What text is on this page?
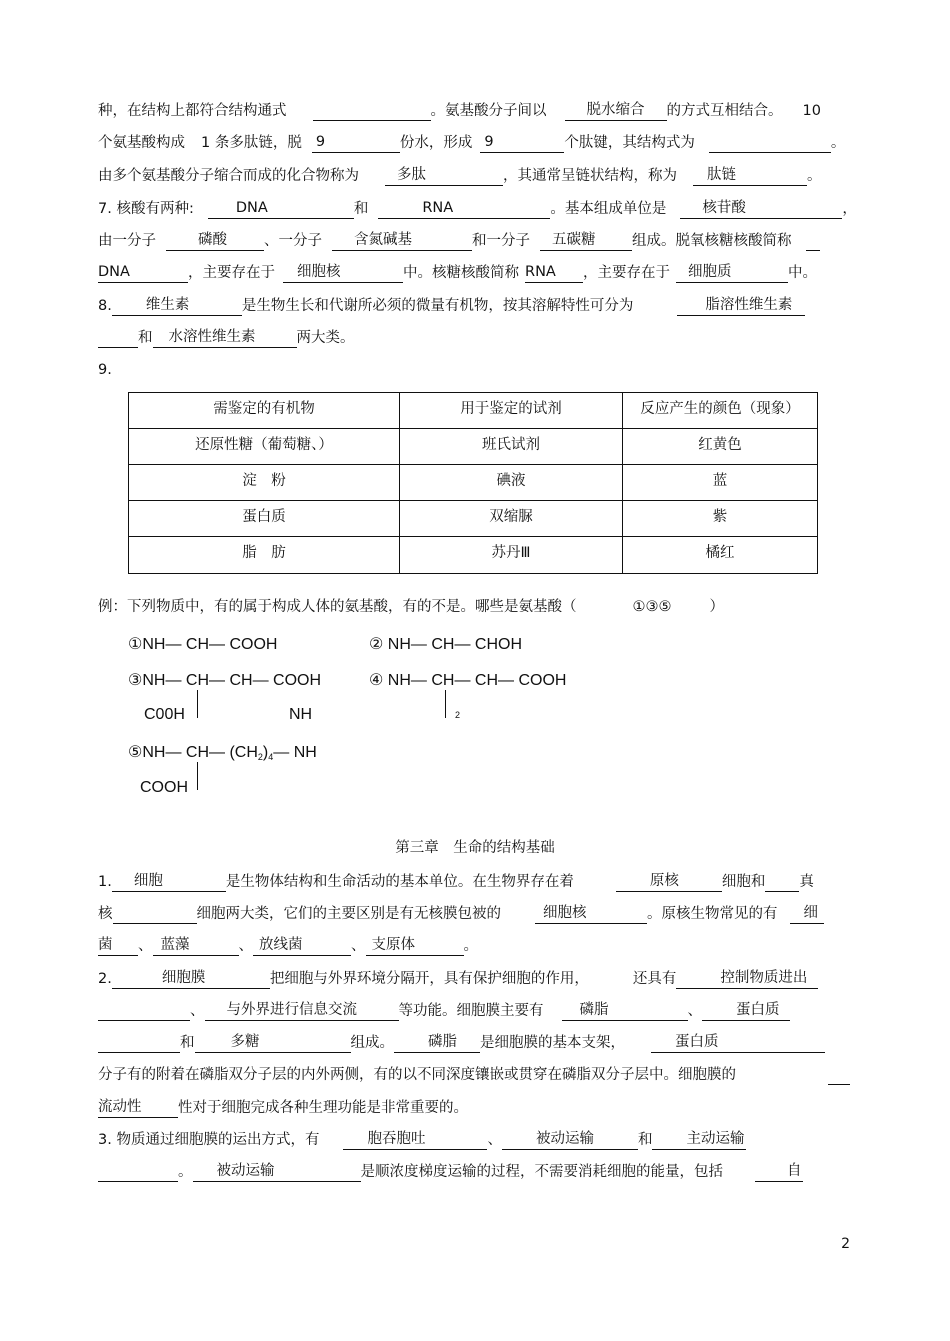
种，在结构上都符合结构通式	。氨基酸分子间以	脱水缩合 的方式互相结合。 10
个氨基酸构成 1 条多肽链，脱 9	份水，形成 9	个肽键，其结构式为	。
由多个氨基酸分子缩合而成的化合物称为	多肽	，其通常呈链状结构，称为 肽链	。
7. 核酸有两种:	DNA	和	RNA	。基本组成单位是 核苷酸	，
由一分子	磷酸	、一分子 含氮碱基	和一分子 五碳糖	组成。脱氧核糖核酸简称
DNA	，主要存在于 细胞核	中。核糖核酸简称 RNA ，主要存在于 细胞质	中。
8. 维生素	是生物生长和代谢所必须的微量有机物，按其溶解特性可分为	脂溶性维生素
和 水溶性维生素	两大类。
9.
需鉴定的有机物	用于鉴定的试剂	反应产生的颜色（现象）
还原性糖（葡萄糖、）	班氏试剂	红黄色
淀　粉	碘液	蓝
蛋白质	双缩脲	紫
脂　肪	苏丹Ⅲ	橘红
例：下列物质中，有的属于构成人体的氨基酸，有的不是。哪些是氨基酸（	①③⑤	）
①NH— CH— COOH	② NH— CH— CHOH
③NH— CH— CH— COOH	④ NH— CH— CH— COOH
C00H	NH	2
⑤NH— CH— $(CH_2)_4—$ NH
COOH
第三章　生命的结构基础
1. 细胞	是生物体结构和生命活动的基本单位。在生物界存在着	原核	细胞和 真
核	细胞两大类，它们的主要区别是有无核膜包被的	细胞核	。原核生物常见的有 细
菌 、 蓝藻	、 放线菌	、 支原体	。
2.	细胞膜	把细胞与外界环境分隔开，具有保护细胞的作用，	还具有	控制物质进出
、 与外界进行信息交流	等功能。细胞膜主要有 磷脂	、 蛋白质
和 多糖	组成。 磷脂 是细胞膜的基本支架，	蛋白质
分子有的附着在磷脂双分子层的内外两侧，有的以不同深度镶嵌或贯穿在磷脂双分子层中。细胞膜的
流动性	性对于细胞完成各种生理功能是非常重要的。
3. 物质通过细胞膜的运出方式，有	胞吞胞吐	、 被动运输	和 主动运输
。 被动运输	是顺浓度梯度运输的过程，不需要消耗细胞的能量，包括	自
2
